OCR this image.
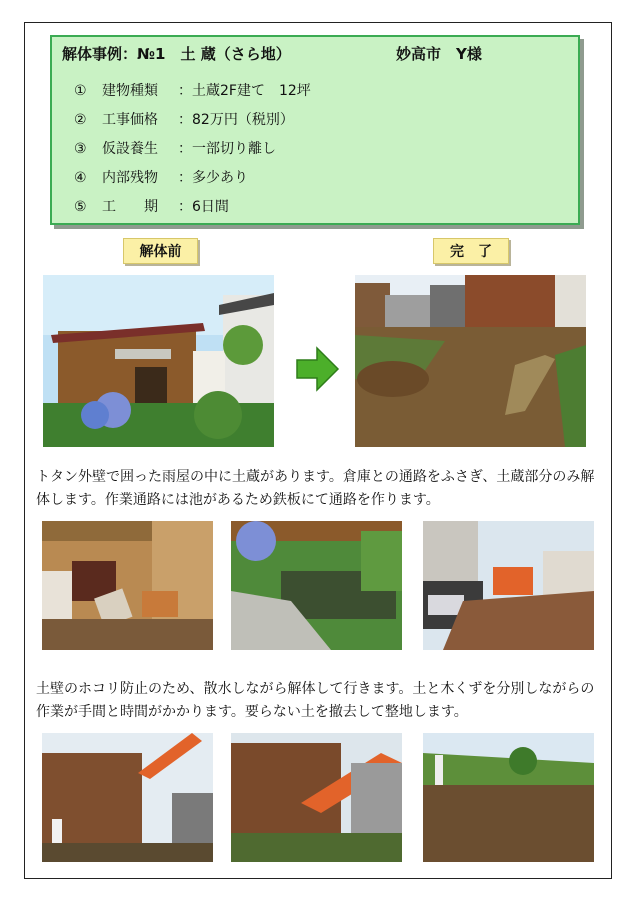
解体事例：№1　土 蔵（さら地）	妙高市　Y様
①	建物種類	：土蔵2F建て　12坪
②	工事価格	：82万円（税別）
③	仮設養生	：一部切り離し
④	内部残物	：多少あり
⑤	工　　期	：6日間
解体前	完　了
トタン外壁で囲った雨屋の中に土蔵があります。倉庫との通路をふさぎ、土蔵部分のみ解体します。作業通路には池があるため鉄板にて通路を作ります。
土壁のホコリ防止のため、散水しながら解体して行きます。土と木くずを分別しながらの作業が手間と時間がかかります。要らない土を撤去して整地します。
